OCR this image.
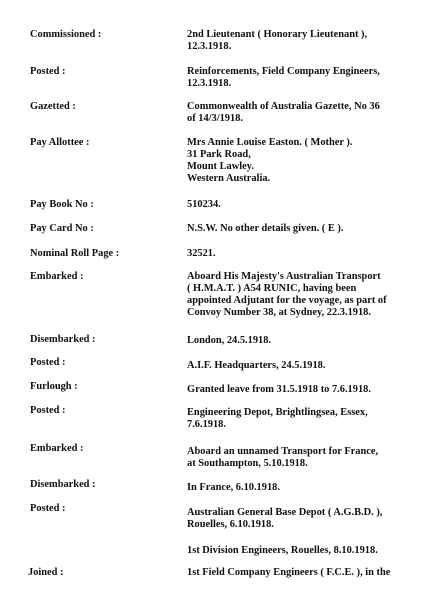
Commissioned :	2nd Lieutenant ( Honorary Lieutenant ),
12.3.1918.
Posted :	Reinforcements, Field Company Engineers,
12.3.1918.
Gazetted :	Commonwealth of Australia Gazette, No 36
of 14/3/1918.
Pay Allottee :	Mrs Annie Louise Easton. ( Mother ).
31 Park Road,
Mount Lawley.
Western Australia.
Pay Book No :	510234.
Pay Card No :	N.S.W. No other details given. ( E ).
Nominal Roll Page :	32521.
Embarked :	Aboard His Majesty's Australian Transport
( H.M.A.T. ) A54 RUNIC, having been
appointed Adjutant for the voyage, as part of
Convoy Number 38, at Sydney, 22.3.1918.
Disembarked :	London, 24.5.1918.
Posted :	A.I.F. Headquarters, 24.5.1918.
Furlough :	Granted leave from 31.5.1918 to 7.6.1918.
Posted :	Engineering Depot, Brightlingsea, Essex,
7.6.1918.
Embarked :	Aboard an unnamed Transport for France,
at Southampton, 5.10.1918.
Disembarked :	In France, 6.10.1918.
Posted :	Australian General Base Depot ( A.G.B.D. ),
Rouelles, 6.10.1918.
1st Division Engineers, Rouelles, 8.10.1918.
Joined :	1st Field Company Engineers ( F.C.E. ), in the
